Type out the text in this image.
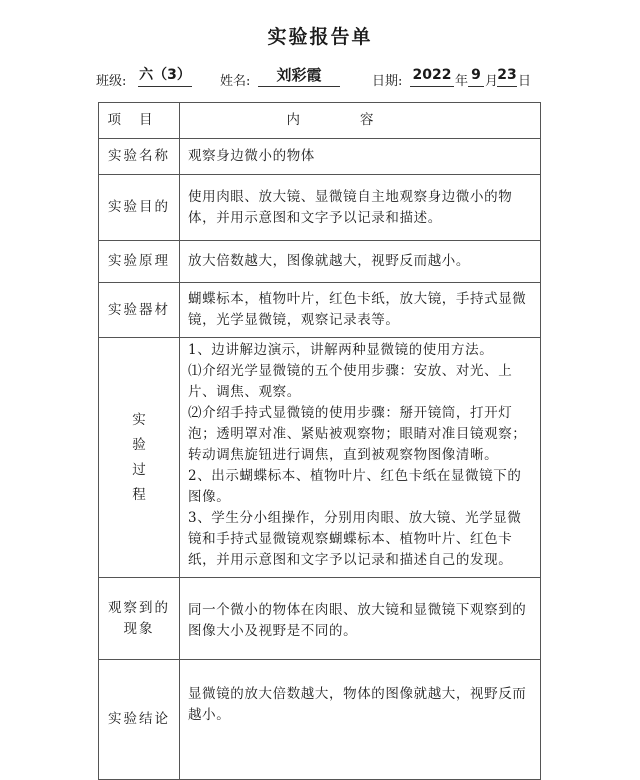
实验报告单
班级: 六（3） 姓名:	刘彩霞	日期: 2022 年 9 月 23 日
项目	内容
实验名称	观察身边微小的物体
实验目的	使用肉眼、放大镜、显微镜自主地观察身边微小的物体，并用示意图和文字予以记录和描述。
实验原理	放大倍数越大，图像就越大，视野反而越小。
实验器材	蝴蝶标本，植物叶片，红色卡纸，放大镜，手持式显微镜，光学显微镜，观察记录表等。
实验过程	1、边讲解边演示，讲解两种显微镜的使用方法。
⑴介绍光学显微镜的五个使用步骤：安放、对光、上片、调焦、观察。
⑵介绍手持式显微镜的使用步骤：掰开镜筒，打开灯泡；透明罩对准、紧贴被观察物；眼睛对准目镜观察；转动调焦旋钮进行调焦，直到被观察物图像清晰。
2、出示蝴蝶标本、植物叶片、红色卡纸在显微镜下的图像。
3、学生分小组操作，分别用肉眼、放大镜、光学显微镜和手持式显微镜观察蝴蝶标本、植物叶片、红色卡纸，并用示意图和文字予以记录和描述自己的发现。

观察到的
现象	同一个微小的物体在肉眼、放大镜和显微镜下观察到的图像大小及视野是不同的。
实验结论	显微镜的放大倍数越大，物体的图像就越大，视野反而越小。
